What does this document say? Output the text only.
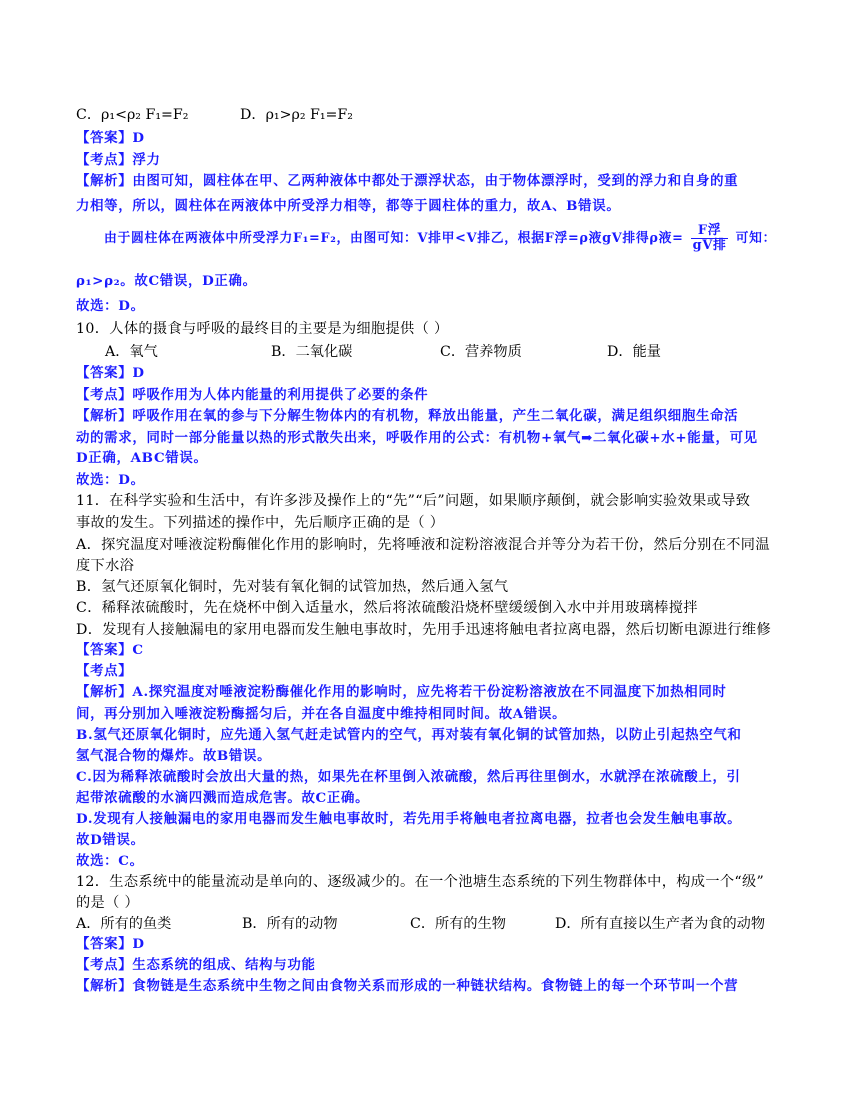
C．ρ₁<ρ₂ F₁=F₂	D．ρ₁>ρ₂ F₁=F₂
【答案】D
【考点】浮力
【解析】由图可知，圆柱体在甲、乙两种液体中都处于漂浮状态，由于物体漂浮时，受到的浮力和自身的重
力相等，所以，圆柱体在两液体中所受浮力相等，都等于圆柱体的重力，故A、B错误。
由于圆柱体在两液体中所受浮力F₁=F₂，由图可知：V排甲<V排乙，根据F浮=ρ液gV排得ρ液= $\frac{\text{F浮}}{\text{gV排}}$ 可知：
ρ₁>ρ₂。故C错误，D正确。
故选：D。
10．人体的摄食与呼吸的最终目的主要是为细胞提供（ ）
A．氧气	B．二氧化碳	C．营养物质	D．能量
【答案】D
【考点】呼吸作用为人体内能量的利用提供了必要的条件
【解析】呼吸作用在氧的参与下分解生物体内的有机物，释放出能量，产生二氧化碳，满足组织细胞生命活
动的需求，同时一部分能量以热的形式散失出来，呼吸作用的公式：有机物+氧气➡二氧化碳+水+能量，可见
D正确，ABC错误。
故选：D。
11．在科学实验和生活中，有许多涉及操作上的“先”“后”问题，如果顺序颠倒，就会影响实验效果或导致
事故的发生。下列描述的操作中，先后顺序正确的是（ ）
A．探究温度对唾液淀粉酶催化作用的影响时，先将唾液和淀粉溶液混合并等分为若干份，然后分别在不同温
度下水浴
B．氢气还原氧化铜时，先对装有氧化铜的试管加热，然后通入氢气
C．稀释浓硫酸时，先在烧杯中倒入适量水，然后将浓硫酸沿烧杯壁缓缓倒入水中并用玻璃棒搅拌
D．发现有人接触漏电的家用电器而发生触电事故时，先用手迅速将触电者拉离电器，然后切断电源进行维修
【答案】C
【考点】
【解析】A.探究温度对唾液淀粉酶催化作用的影响时，应先将若干份淀粉溶液放在不同温度下加热相同时
间，再分别加入唾液淀粉酶摇匀后，并在各自温度中维持相同时间。故A错误。
B.氢气还原氧化铜时，应先通入氢气赶走试管内的空气，再对装有氧化铜的试管加热，以防止引起热空气和
氢气混合物的爆炸。故B错误。
C.因为稀释浓硫酸时会放出大量的热，如果先在杯里倒入浓硫酸，然后再往里倒水，水就浮在浓硫酸上，引
起带浓硫酸的水滴四溅而造成危害。故C正确。
D.发现有人接触漏电的家用电器而发生触电事故时，若先用手将触电者拉离电器，拉者也会发生触电事故。
故D错误。
故选：C。
12．生态系统中的能量流动是单向的、逐级减少的。在一个池塘生态系统的下列生物群体中，构成一个“级”
的是（ ）
A．所有的鱼类	B．所有的动物	C．所有的生物	D．所有直接以生产者为食的动物
【答案】D
【考点】生态系统的组成、结构与功能
【解析】食物链是生态系统中生物之间由食物关系而形成的一种链状结构。食物链上的每一个环节叫一个营
